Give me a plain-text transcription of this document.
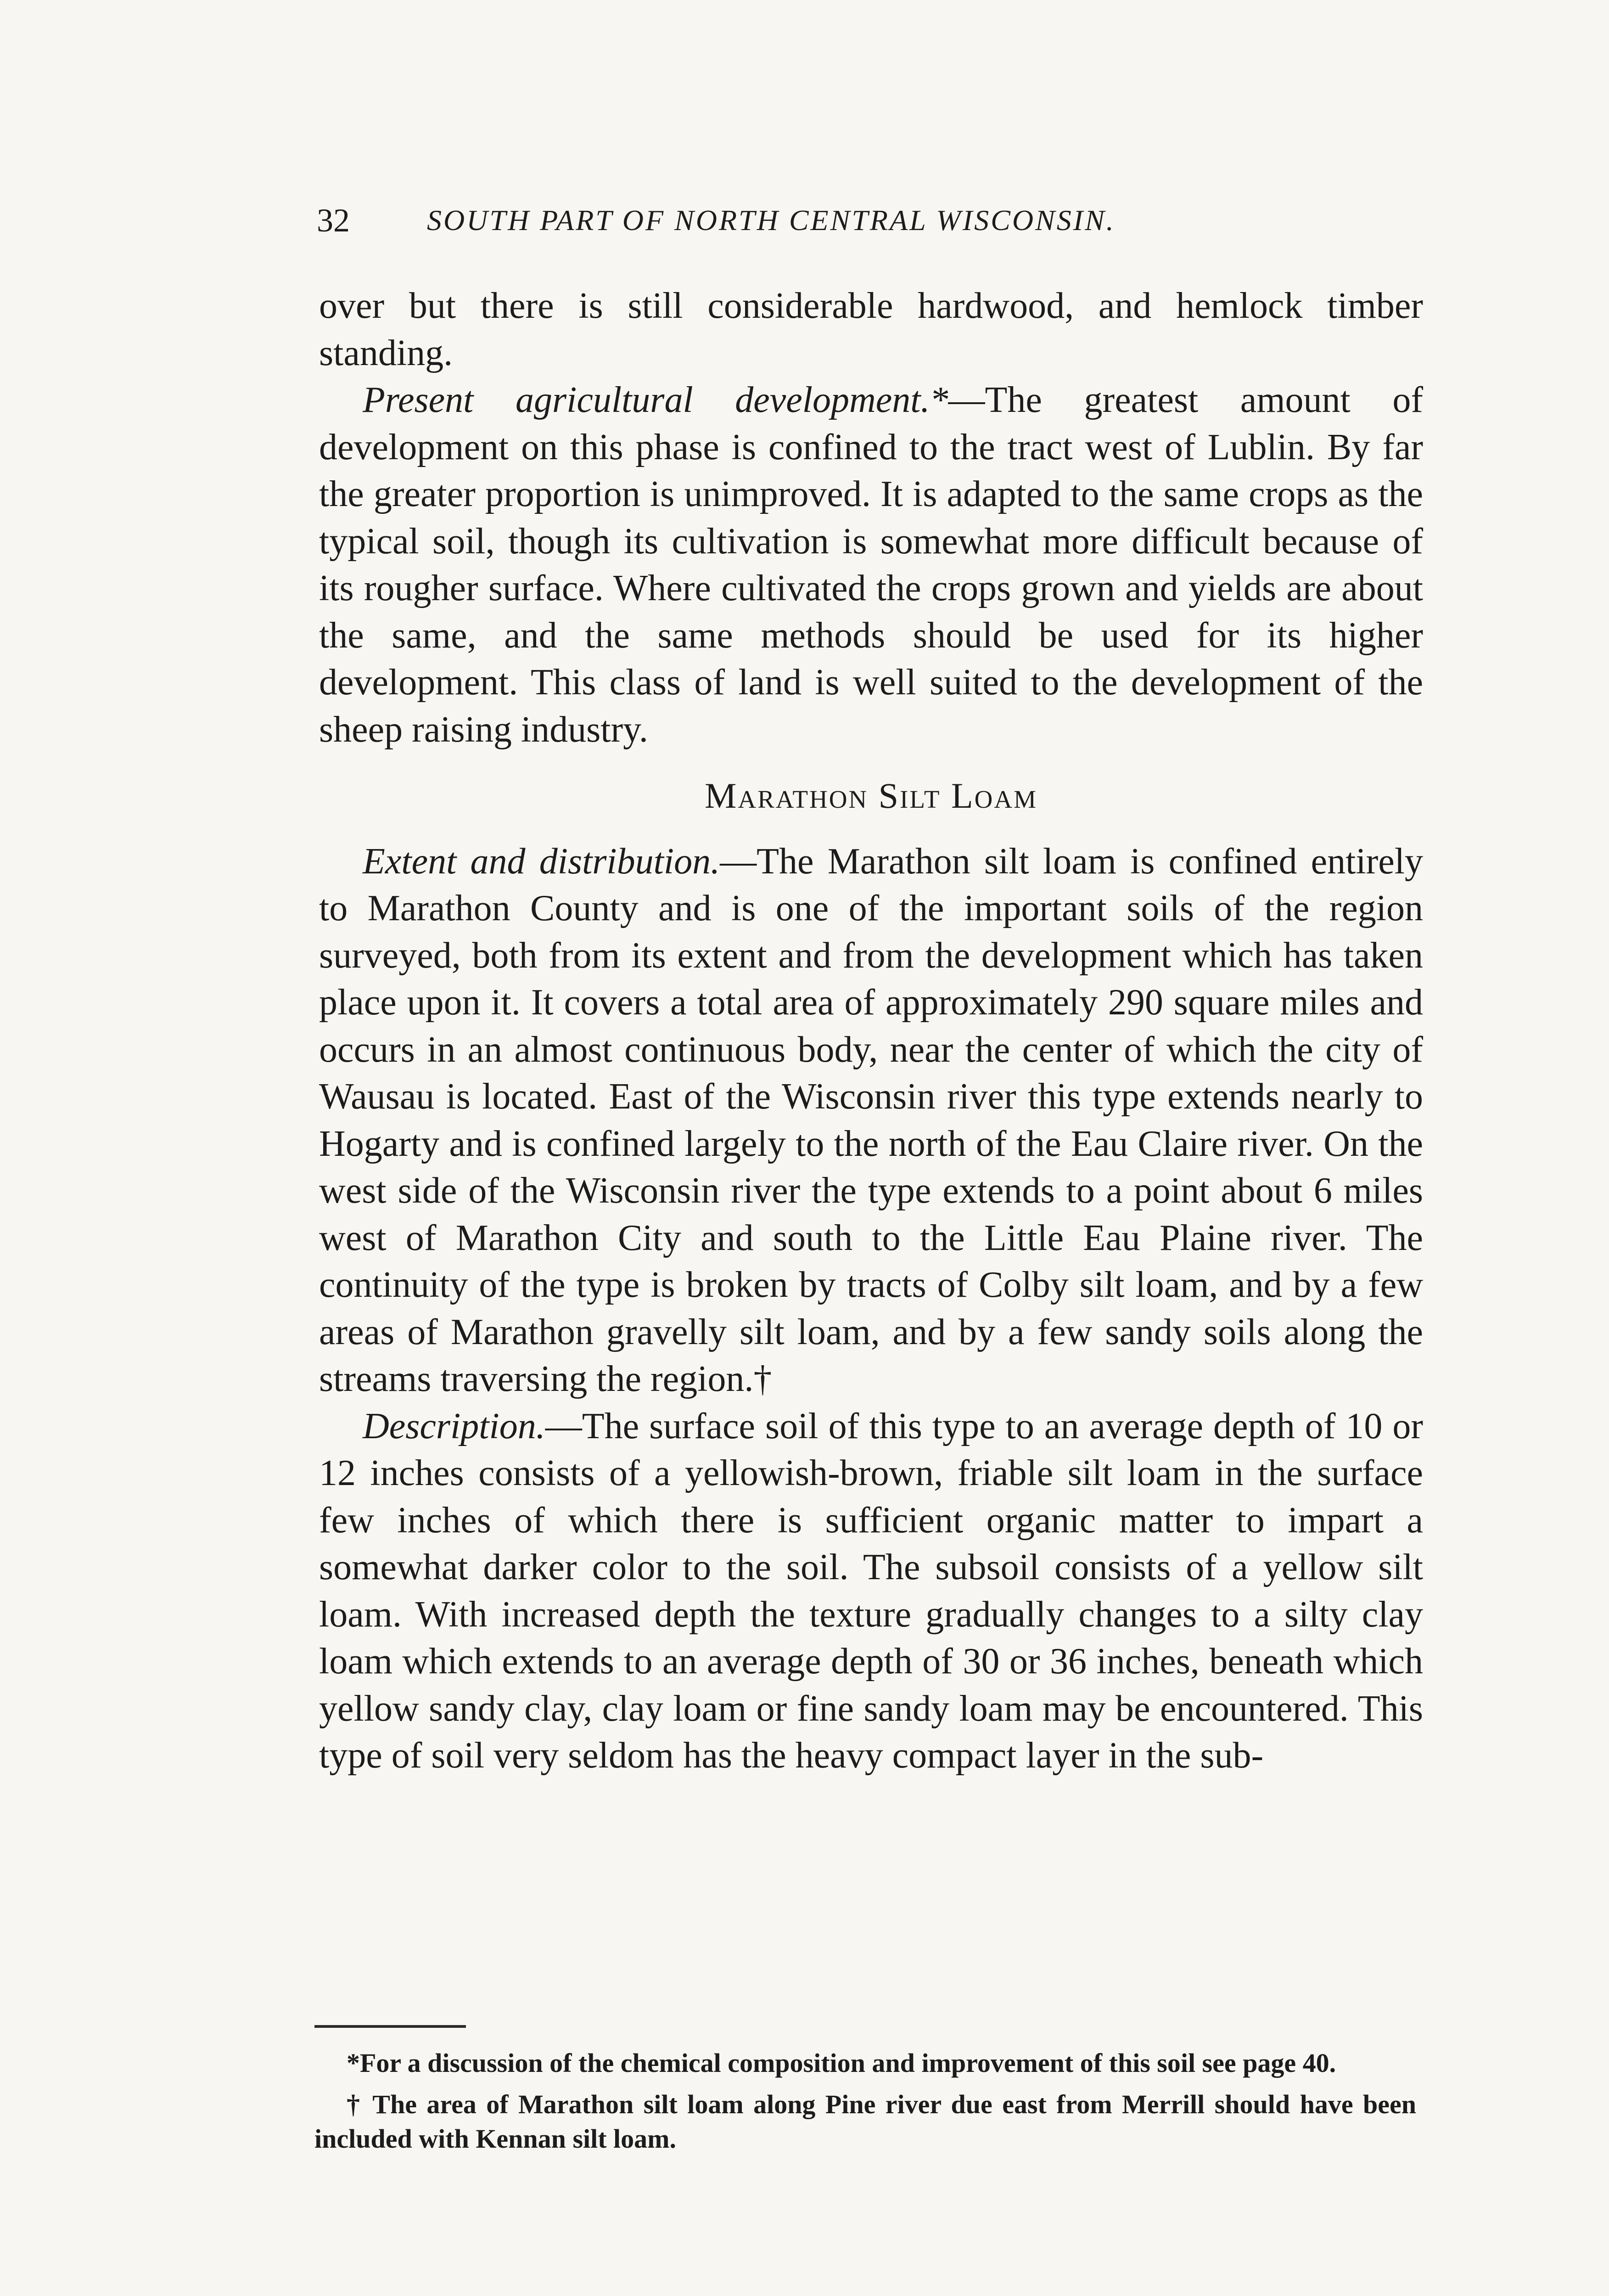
32	SOUTH PART OF NORTH CENTRAL WISCONSIN.

over but there is still considerable hardwood, and hemlock timber standing.

Present agricultural development.*—The greatest amount of development on this phase is confined to the tract west of Lublin. By far the greater proportion is unimproved. It is adapted to the same crops as the typical soil, though its cultivation is somewhat more difficult because of its rougher surface. Where cultivated the crops grown and yields are about the same, and the same methods should be used for its higher development. This class of land is well suited to the development of the sheep raising industry.

Marathon Silt Loam

Extent and distribution.—The Marathon silt loam is confined entirely to Marathon County and is one of the important soils of the region surveyed, both from its extent and from the development which has taken place upon it. It covers a total area of approximately 290 square miles and occurs in an almost continuous body, near the center of which the city of Wausau is located. East of the Wisconsin river this type extends nearly to Hogarty and is confined largely to the north of the Eau Claire river. On the west side of the Wisconsin river the type extends to a point about 6 miles west of Marathon City and south to the Little Eau Plaine river. The continuity of the type is broken by tracts of Colby silt loam, and by a few areas of Marathon gravelly silt loam, and by a few sandy soils along the streams traversing the region.†

Description.—The surface soil of this type to an average depth of 10 or 12 inches consists of a yellowish-brown, friable silt loam in the surface few inches of which there is sufficient organic matter to impart a somewhat darker color to the soil. The subsoil consists of a yellow silt loam. With increased depth the texture gradually changes to a silty clay loam which extends to an average depth of 30 or 36 inches, beneath which yellow sandy clay, clay loam or fine sandy loam may be encountered. This type of soil very seldom has the heavy compact layer in the sub-

*For a discussion of the chemical composition and improvement of this soil see page 40.

† The area of Marathon silt loam along Pine river due east from Merrill should have been included with Kennan silt loam.
